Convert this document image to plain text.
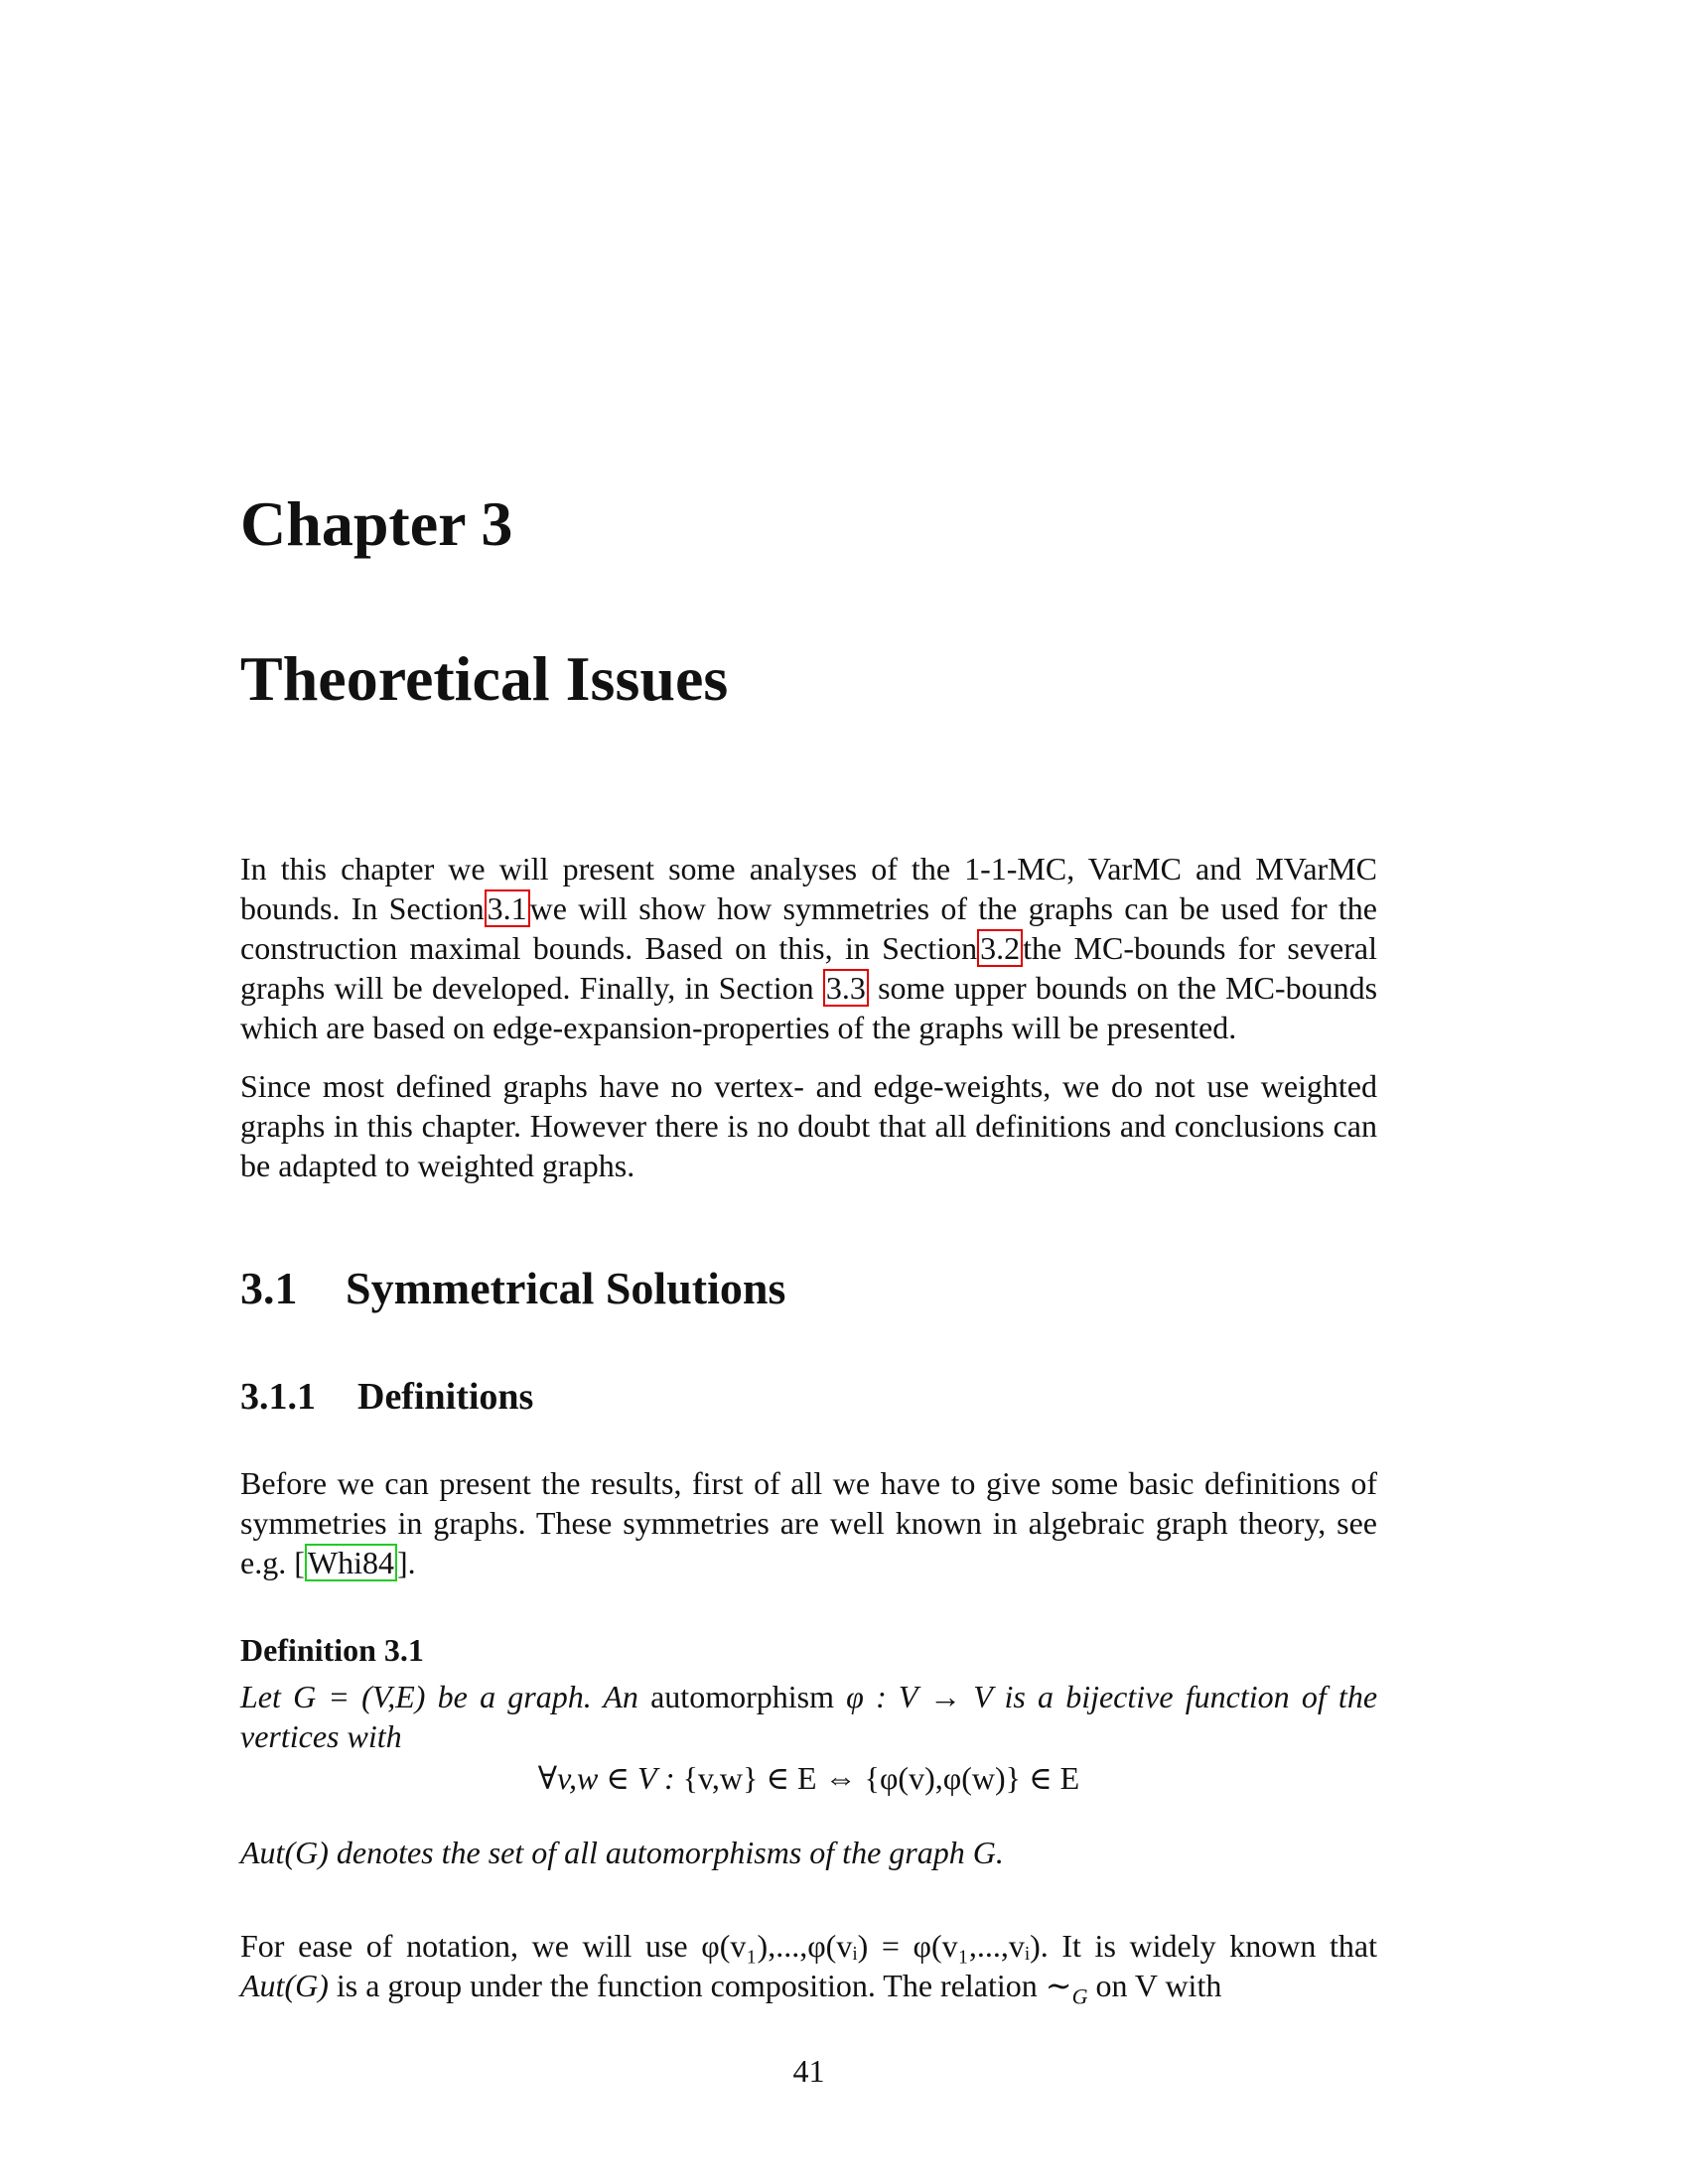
Chapter 3
Theoretical Issues

In this chapter we will present some analyses of the 1-1-MC, VarMC and MVarMC bounds. In Section3.1we will show how symmetries of the graphs can be used for the construction maximal bounds. Based on this, in Section3.2the MC-bounds for several graphs will be developed. Finally, in Section 3.3 some upper bounds on the MC-bounds which are based on edge-expansion-properties of the graphs will be presented.

Since most defined graphs have no vertex- and edge-weights, we do not use weighted graphs in this chapter. However there is no doubt that all definitions and conclusions can be adapted to weighted graphs.

3.1 Symmetrical Solutions
3.1.1 Definitions

Before we can present the results, first of all we have to give some basic definitions of symmetries in graphs. These symmetries are well known in algebraic graph theory, see e.g. [Whi84].

Definition 3.1

Let G = (V,E) be a graph. An automorphism φ : V → V is a bijective function of the vertices with

∀v,w ∈ V : {v,w} ∈ E ⇔ {φ(v),φ(w)} ∈ E

Aut(G) denotes the set of all automorphisms of the graph G.

For ease of notation, we will use φ(v₁),...,φ(vᵢ) = φ(v₁,...,vᵢ). It is widely known that Aut(G) is a group under the function composition. The relation $\sim_G$ on V with

41
